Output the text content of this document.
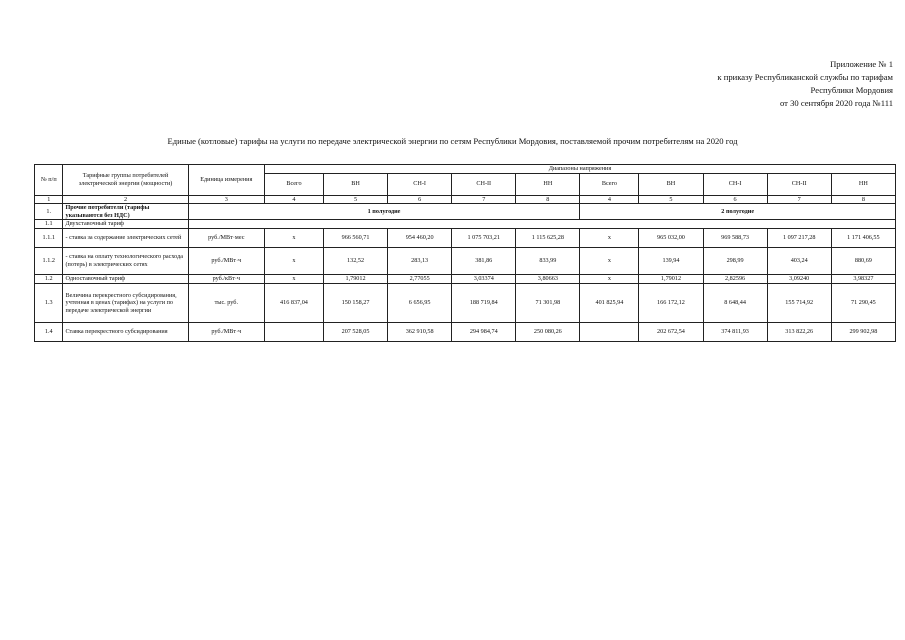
Приложение № 1
к приказу Республиканской службы по тарифам
Республики Мордовия
от 30 сентября 2020 года №111
Единые (котловые) тарифы на услуги по передаче электрической энергии по сетям Республики Мордовия, поставляемой прочим потребителям на 2020 год
№ п/п	Тарифные группы потребителей электрической энергии (мощности)	Единица измерения	Диапазоны напряжения									
			Всего	ВН	СН-I	СН-II	НН	Всего	ВН	СН-I	СН-II	НН
1	2	3	4	5	6	7	8	4	5	6	7	8
1.	Прочие потребители (тарифы указываются без НДС)	1 полугодие						2 полугодие				
1.1	Двухставочный тариф											
1.1.1	- ставка за содержание электрических сетей	руб./МВт·мес	x	966 560,71	954 460,20	1 075 703,21	1 115 625,28	x	965 032,00	969 588,73	1 097 217,28	1 171 406,55
1.1.2	- ставка на оплату технологического расхода (потерь) в электрических сетях	руб./МВт·ч	x	132,52	283,13	381,86	833,99	x	139,94	298,99	403,24	880,69
1.2	Одноставочный тариф	руб./кВт·ч	x	1,79012	2,77055	3,03374	3,80663	x	1,79012	2,82596	3,09240	3,98327
1.3	Величина перекрестного субсидирования, учтенная в ценах (тарифах) на услуги по передаче электрической энергии	тыс. руб.	416 837,04	150 158,27	6 656,95	188 719,84	71 301,98	401 825,94	166 172,12	8 648,44	155 714,92	71 290,45
1.4	Ставка перекрестного субсидирования	руб./МВт·ч		207 528,05	362 910,58	294 984,74	250 080,26		202 672,54	374 811,93	313 822,26	299 902,98
